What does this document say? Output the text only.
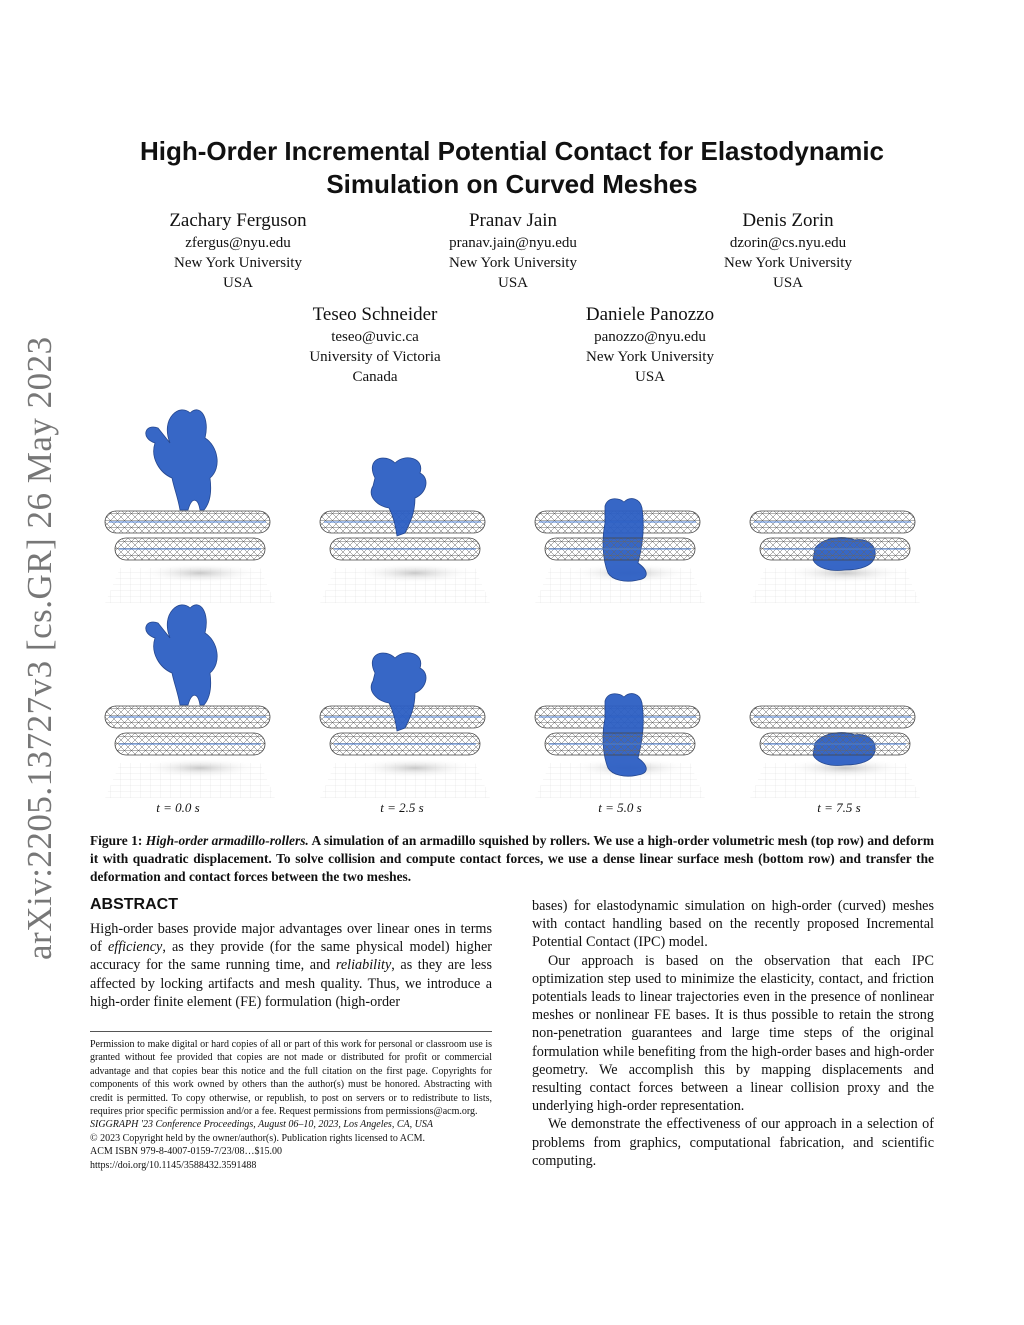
arXiv:2205.13727v3 [cs.GR] 26 May 2023
High-Order Incremental Potential Contact for Elastodynamic
Simulation on Curved Meshes
Zachary Ferguson
zfergus@nyu.edu
New York University
USA
Pranav Jain
pranav.jain@nyu.edu
New York University
USA
Denis Zorin
dzorin@cs.nyu.edu
New York University
USA
Teseo Schneider
teseo@uvic.ca
University of Victoria
Canada
Daniele Panozzo
panozzo@nyu.edu
New York University
USA
t = 0.0 s	t = 2.5 s	t = 5.0 s	t = 7.5 s
Figure 1: High-order armadillo-rollers. A simulation of an armadillo squished by rollers. We use a high-order volumetric mesh (top row) and deform it with quadratic displacement. To solve collision and compute contact forces, we use a dense linear surface mesh (bottom row) and transfer the deformation and contact forces between the two meshes.
ABSTRACT

High-order bases provide major advantages over linear ones in terms of efficiency, as they provide (for the same physical model) higher accuracy for the same running time, and reliability, as they are less affected by locking artifacts and mesh quality. Thus, we introduce a high-order finite element (FE) formulation (high-order

Permission to make digital or hard copies of all or part of this work for personal or classroom use is granted without fee provided that copies are not made or distributed for profit or commercial advantage and that copies bear this notice and the full citation on the first page. Copyrights for components of this work owned by others than the author(s) must be honored. Abstracting with credit is permitted. To copy otherwise, or republish, to post on servers or to redistribute to lists, requires prior specific permission and/or a fee. Request permissions from permissions@acm.org.
SIGGRAPH '23 Conference Proceedings, August 06–10, 2023, Los Angeles, CA, USA
© 2023 Copyright held by the owner/author(s). Publication rights licensed to ACM.
ACM ISBN 979-8-4007-0159-7/23/08…$15.00
https://doi.org/10.1145/3588432.3591488

bases) for elastodynamic simulation on high-order (curved) meshes with contact handling based on the recently proposed Incremental Potential Contact (IPC) model.

Our approach is based on the observation that each IPC optimization step used to minimize the elasticity, contact, and friction potentials leads to linear trajectories even in the presence of nonlinear meshes or nonlinear FE bases. It is thus possible to retain the strong non-penetration guarantees and large time steps of the original formulation while benefiting from the high-order bases and high-order geometry. We accomplish this by mapping displacements and resulting contact forces between a linear collision proxy and the underlying high-order representation.

We demonstrate the effectiveness of our approach in a selection of problems from graphics, computational fabrication, and scientific computing.
